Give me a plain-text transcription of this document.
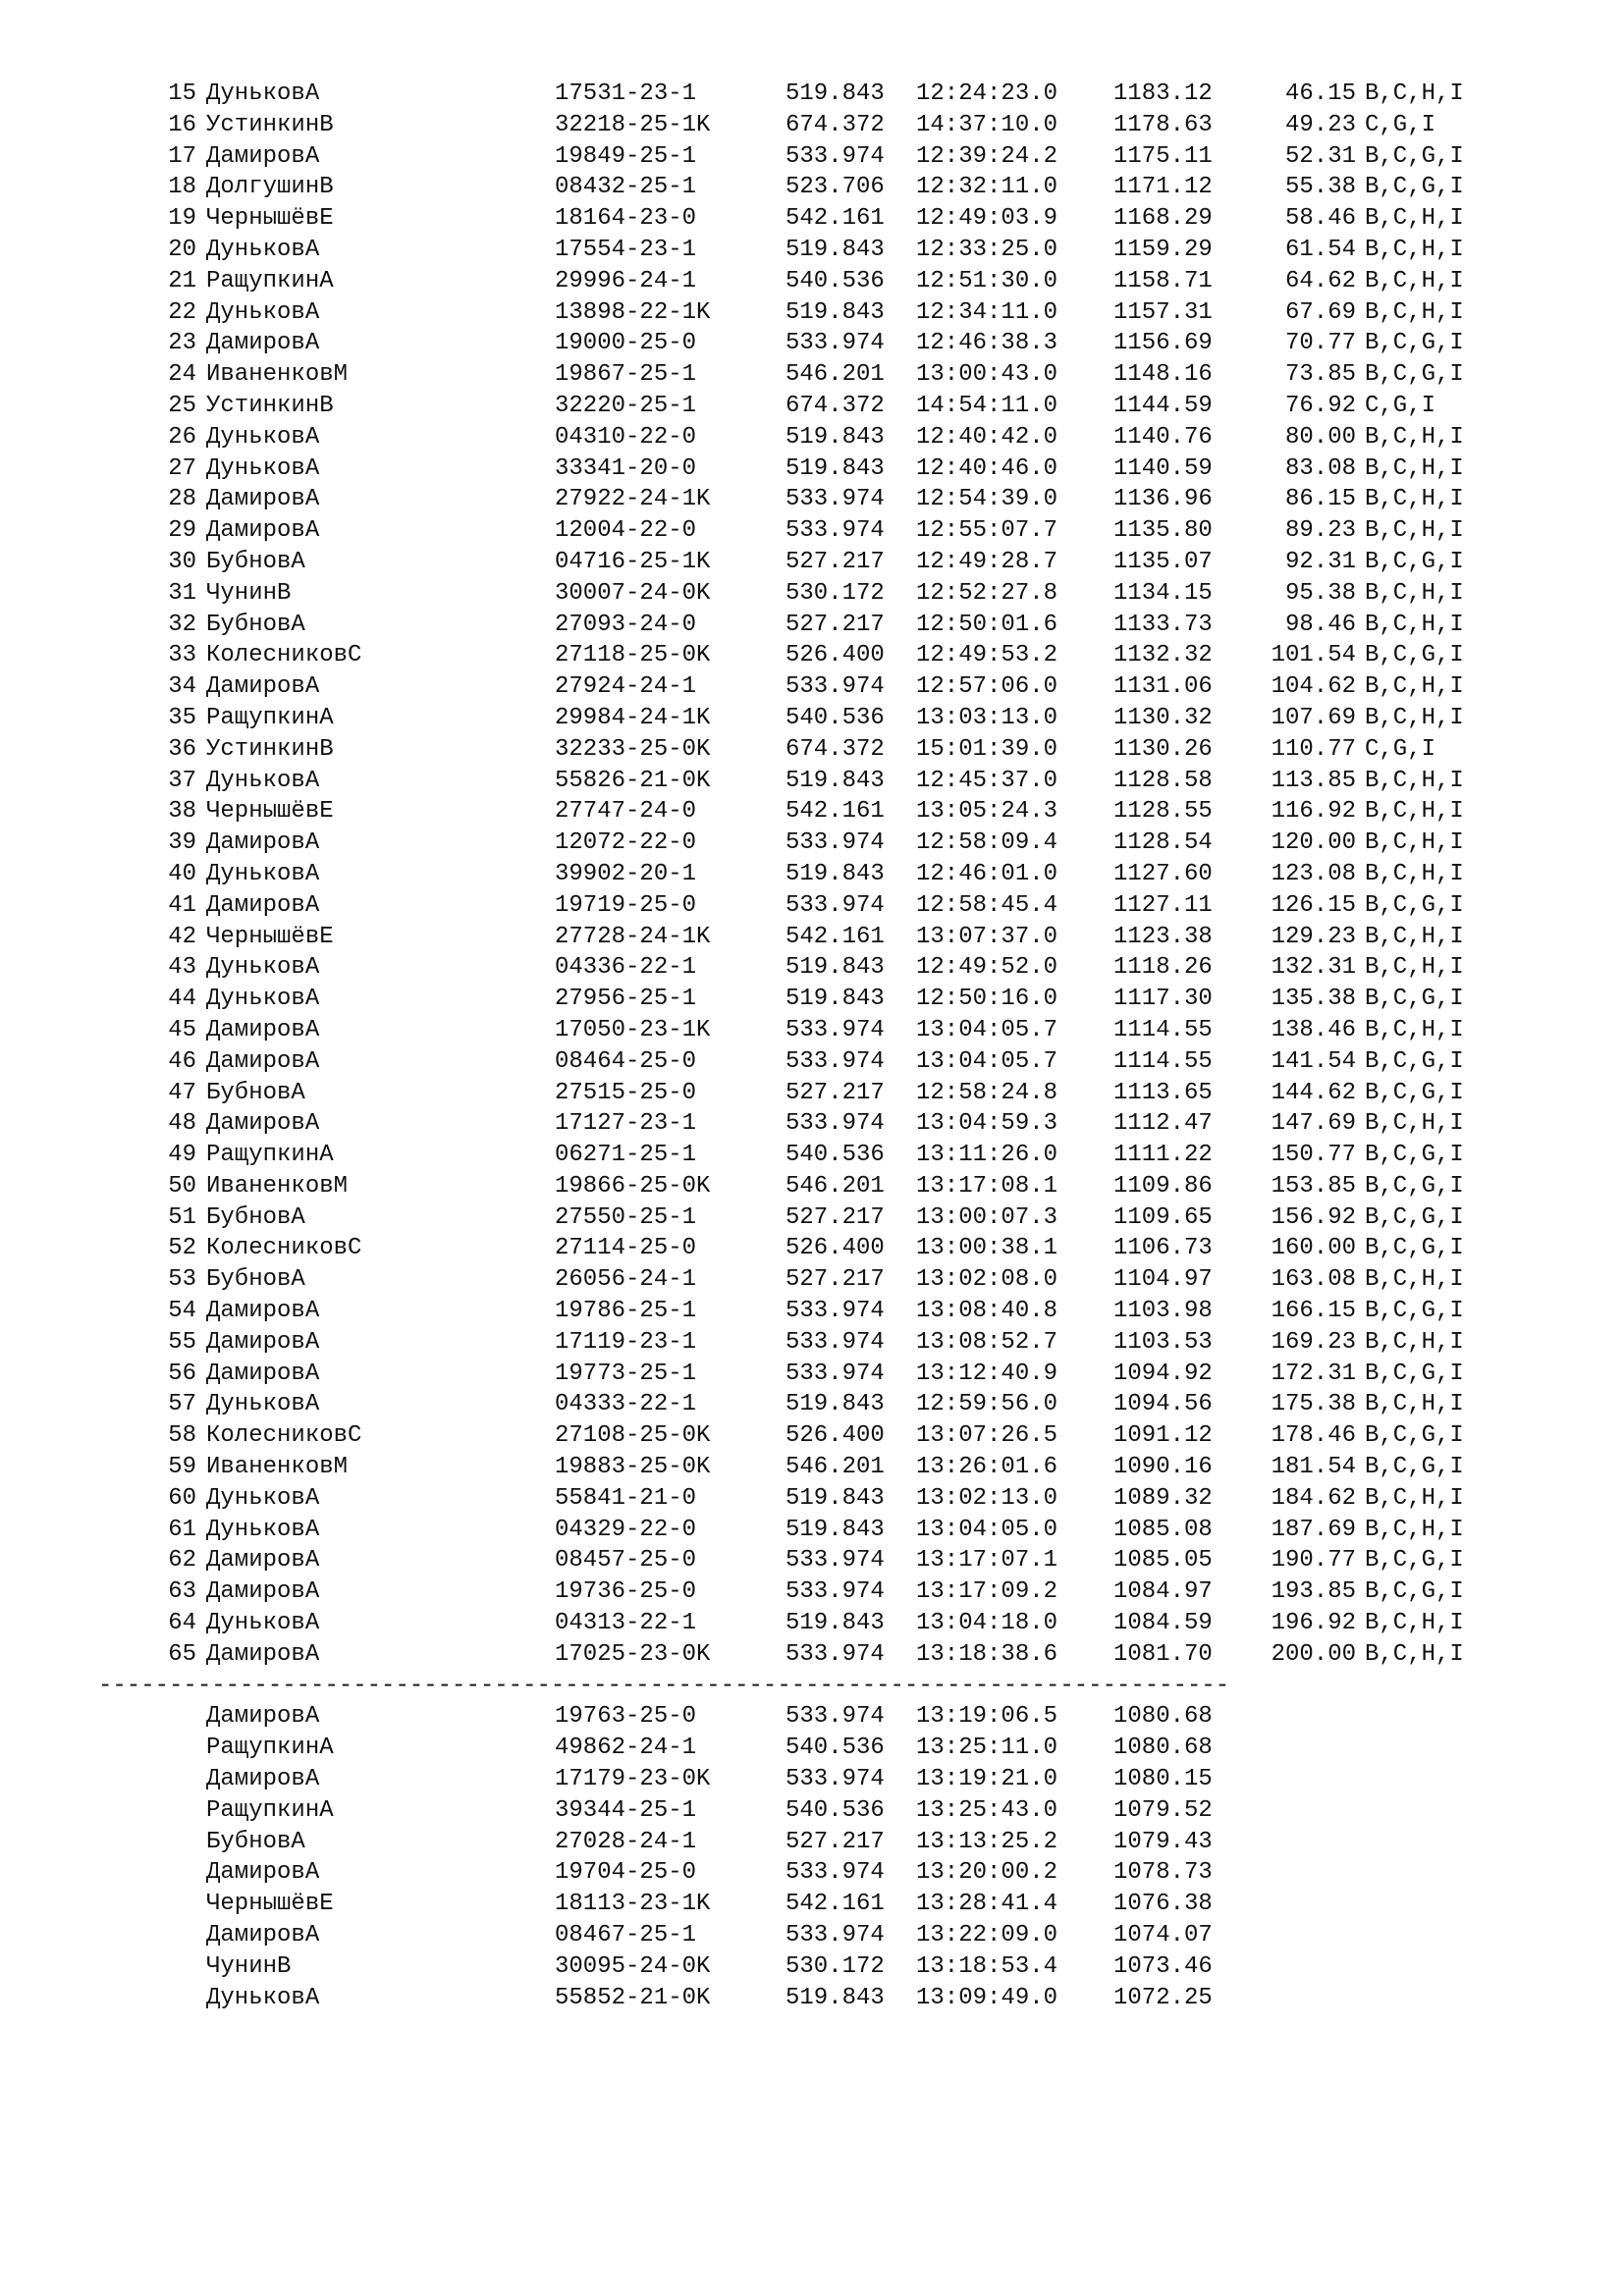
15 ДуньковА	17531-23-1	519.843 12:24:23.0 1183.12	46.15 B,C,H,I
16 УстинкинВ	32218-25-1K	674.372 14:37:10.0 1178.63	49.23 C,G,I
17 ДамировА	19849-25-1	533.974 12:39:24.2 1175.11	52.31 B,C,G,I
18 ДолгушинВ	08432-25-1	523.706 12:32:11.0 1171.12	55.38 B,C,G,I
19 ЧернышёвЕ	18164-23-0	542.161 12:49:03.9 1168.29	58.46 B,C,H,I
20 ДуньковА	17554-23-1	519.843 12:33:25.0 1159.29	61.54 B,C,H,I
21 РащупкинА	29996-24-1	540.536 12:51:30.0 1158.71	64.62 B,C,H,I
22 ДуньковА	13898-22-1K	519.843 12:34:11.0 1157.31	67.69 B,C,H,I
23 ДамировА	19000-25-0	533.974 12:46:38.3 1156.69	70.77 B,C,G,I
24 ИваненковМ	19867-25-1	546.201 13:00:43.0 1148.16	73.85 B,C,G,I
25 УстинкинВ	32220-25-1	674.372 14:54:11.0 1144.59	76.92 C,G,I
26 ДуньковА	04310-22-0	519.843 12:40:42.0 1140.76	80.00 B,C,H,I
27 ДуньковА	33341-20-0	519.843 12:40:46.0 1140.59	83.08 B,C,H,I
28 ДамировА	27922-24-1K	533.974 12:54:39.0 1136.96	86.15 B,C,H,I
29 ДамировА	12004-22-0	533.974 12:55:07.7 1135.80	89.23 B,C,H,I
30 БубновА	04716-25-1K	527.217 12:49:28.7 1135.07	92.31 B,C,G,I
31 ЧунинВ	30007-24-0K	530.172 12:52:27.8 1134.15	95.38 B,C,H,I
32 БубновА	27093-24-0	527.217 12:50:01.6 1133.73	98.46 B,C,H,I
33 КолесниковС	27118-25-0K	526.400 12:49:53.2 1132.32	101.54 B,C,G,I
34 ДамировА	27924-24-1	533.974 12:57:06.0 1131.06	104.62 B,C,H,I
35 РащупкинА	29984-24-1K	540.536 13:03:13.0 1130.32	107.69 B,C,H,I
36 УстинкинВ	32233-25-0K	674.372 15:01:39.0 1130.26	110.77 C,G,I
37 ДуньковА	55826-21-0K	519.843 12:45:37.0 1128.58	113.85 B,C,H,I
38 ЧернышёвЕ	27747-24-0	542.161 13:05:24.3 1128.55	116.92 B,C,H,I
39 ДамировА	12072-22-0	533.974 12:58:09.4 1128.54	120.00 B,C,H,I
40 ДуньковА	39902-20-1	519.843 12:46:01.0 1127.60	123.08 B,C,H,I
41 ДамировА	19719-25-0	533.974 12:58:45.4 1127.11	126.15 B,C,G,I
42 ЧернышёвЕ	27728-24-1K	542.161 13:07:37.0 1123.38	129.23 B,C,H,I
43 ДуньковА	04336-22-1	519.843 12:49:52.0 1118.26	132.31 B,C,H,I
44 ДуньковА	27956-25-1	519.843 12:50:16.0 1117.30	135.38 B,C,G,I
45 ДамировА	17050-23-1K	533.974 13:04:05.7 1114.55	138.46 B,C,H,I
46 ДамировА	08464-25-0	533.974 13:04:05.7 1114.55	141.54 B,C,G,I
47 БубновА	27515-25-0	527.217 12:58:24.8 1113.65	144.62 B,C,G,I
48 ДамировА	17127-23-1	533.974 13:04:59.3 1112.47	147.69 B,C,H,I
49 РащупкинА	06271-25-1	540.536 13:11:26.0 1111.22	150.77 B,C,G,I
50 ИваненковМ	19866-25-0K	546.201 13:17:08.1 1109.86	153.85 B,C,G,I
51 БубновА	27550-25-1	527.217 13:00:07.3 1109.65	156.92 B,C,G,I
52 КолесниковС	27114-25-0	526.400 13:00:38.1 1106.73	160.00 B,C,G,I
53 БубновА	26056-24-1	527.217 13:02:08.0 1104.97	163.08 B,C,H,I
54 ДамировА	19786-25-1	533.974 13:08:40.8 1103.98	166.15 B,C,G,I
55 ДамировА	17119-23-1	533.974 13:08:52.7 1103.53	169.23 B,C,H,I
56 ДамировА	19773-25-1	533.974 13:12:40.9 1094.92	172.31 B,C,G,I
57 ДуньковА	04333-22-1	519.843 12:59:56.0 1094.56	175.38 B,C,H,I
58 КолесниковС	27108-25-0K	526.400 13:07:26.5 1091.12	178.46 B,C,G,I
59 ИваненковМ	19883-25-0K	546.201 13:26:01.6 1090.16	181.54 B,C,G,I
60 ДуньковА	55841-21-0	519.843 13:02:13.0 1089.32	184.62 B,C,H,I
61 ДуньковА	04329-22-0	519.843 13:04:05.0 1085.08	187.69 B,C,H,I
62 ДамировА	08457-25-0	533.974 13:17:07.1 1085.05	190.77 B,C,G,I
63 ДамировА	19736-25-0	533.974 13:17:09.2 1084.97	193.85 B,C,G,I
64 ДуньковА	04313-22-1	519.843 13:04:18.0 1084.59	196.92 B,C,H,I
65 ДамировА	17025-23-0K	533.974 13:18:38.6 1081.70	200.00 B,C,H,I
--------------------------------------------------------------------------------
ДамировА	19763-25-0	533.974 13:19:06.5 1080.68
РащупкинА	49862-24-1	540.536 13:25:11.0 1080.68
ДамировА	17179-23-0K	533.974 13:19:21.0 1080.15
РащупкинА	39344-25-1	540.536 13:25:43.0 1079.52
БубновА	27028-24-1	527.217 13:13:25.2 1079.43
ДамировА	19704-25-0	533.974 13:20:00.2 1078.73
ЧернышёвЕ	18113-23-1K	542.161 13:28:41.4 1076.38
ДамировА	08467-25-1	533.974 13:22:09.0 1074.07
ЧунинВ	30095-24-0K	530.172 13:18:53.4 1073.46
ДуньковА	55852-21-0K	519.843 13:09:49.0 1072.25
